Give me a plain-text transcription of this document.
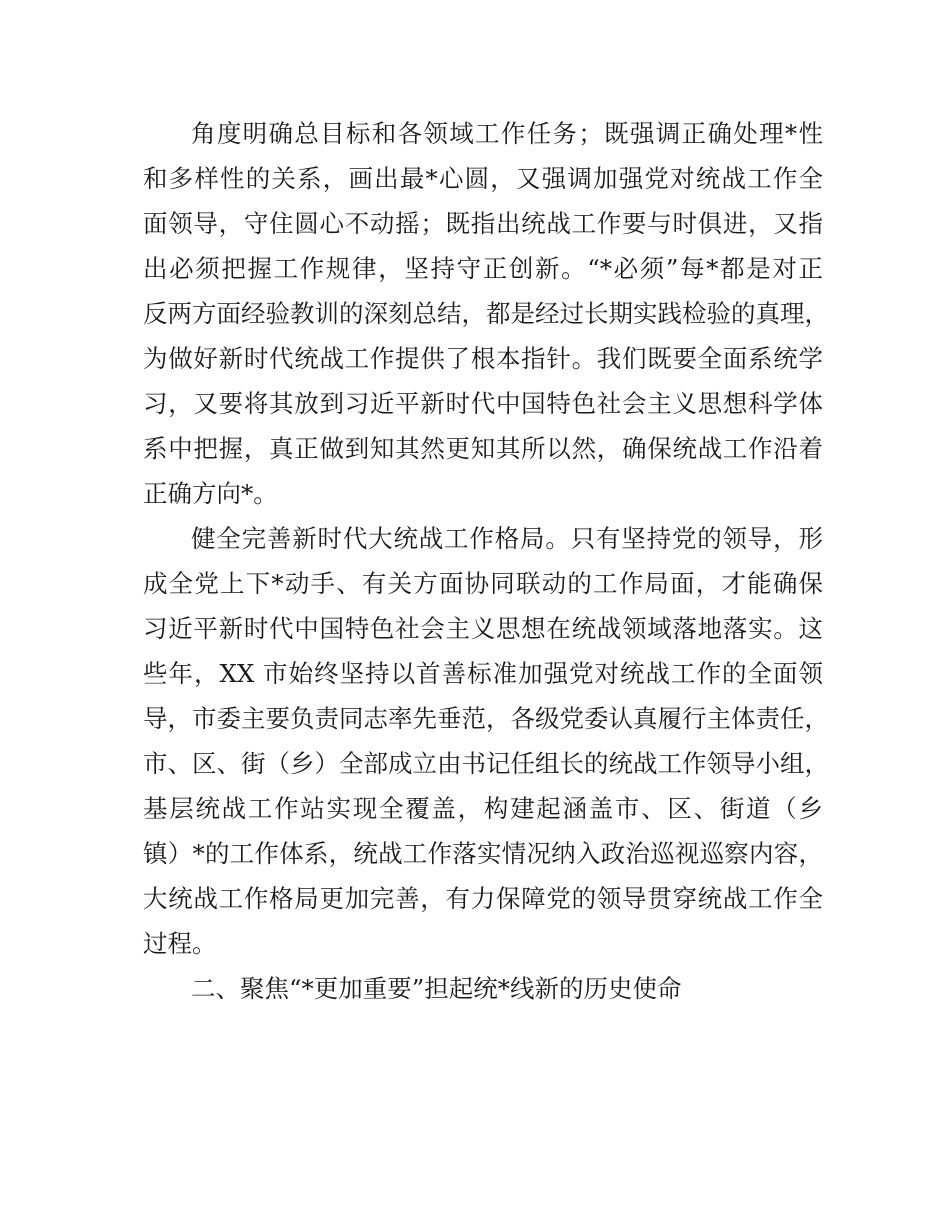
角度明确总目标和各领域工作任务；既强调正确处理*性
和多样性的关系，画出最*心圆，又强调加强党对统战工作全
面领导，守住圆心不动摇；既指出统战工作要与时俱进，又指
出必须把握工作规律，坚持守正创新。“*必须”每*都是对正
反两方面经验教训的深刻总结，都是经过长期实践检验的真理，
为做好新时代统战工作提供了根本指针。我们既要全面系统学
习，又要将其放到习近平新时代中国特色社会主义思想科学体
系中把握，真正做到知其然更知其所以然，确保统战工作沿着
正确方向*。
健全完善新时代大统战工作格局。只有坚持党的领导，形
成全党上下*动手、有关方面协同联动的工作局面，才能确保
习近平新时代中国特色社会主义思想在统战领域落地落实。这
些年，XX 市始终坚持以首善标准加强党对统战工作的全面领
导，市委主要负责同志率先垂范，各级党委认真履行主体责任，
市、区、街（乡）全部成立由书记任组长的统战工作领导小组，
基层统战工作站实现全覆盖，构建起涵盖市、区、街道（乡
镇）*的工作体系，统战工作落实情况纳入政治巡视巡察内容，
大统战工作格局更加完善，有力保障党的领导贯穿统战工作全
过程。
二、聚焦“*更加重要”担起统*线新的历史使命
